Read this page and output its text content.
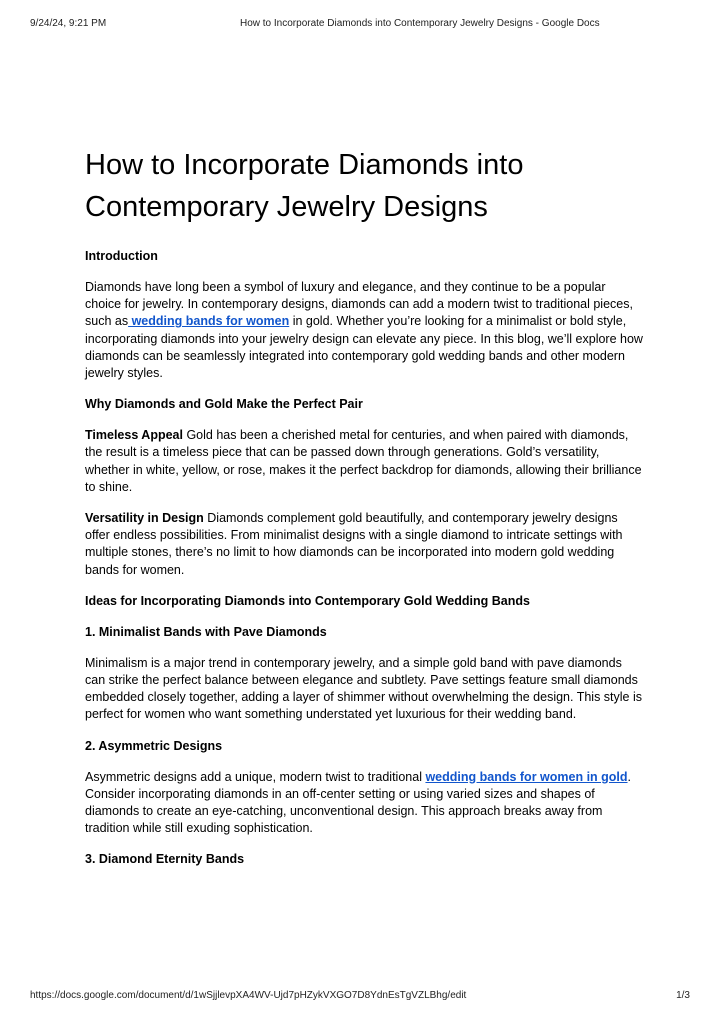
9/24/24, 9:21 PM	How to Incorporate Diamonds into Contemporary Jewelry Designs - Google Docs
How to Incorporate Diamonds into Contemporary Jewelry Designs
Introduction

Diamonds have long been a symbol of luxury and elegance, and they continue to be a popular choice for jewelry. In contemporary designs, diamonds can add a modern twist to traditional pieces, such as wedding bands for women in gold. Whether you’re looking for a minimalist or bold style, incorporating diamonds into your jewelry design can elevate any piece. In this blog, we’ll explore how diamonds can be seamlessly integrated into contemporary gold wedding bands and other modern jewelry styles.

Why Diamonds and Gold Make the Perfect Pair

Timeless Appeal Gold has been a cherished metal for centuries, and when paired with diamonds, the result is a timeless piece that can be passed down through generations. Gold’s versatility, whether in white, yellow, or rose, makes it the perfect backdrop for diamonds, allowing their brilliance to shine.

Versatility in Design Diamonds complement gold beautifully, and contemporary jewelry designs offer endless possibilities. From minimalist designs with a single diamond to intricate settings with multiple stones, there’s no limit to how diamonds can be incorporated into modern gold wedding bands for women.

Ideas for Incorporating Diamonds into Contemporary Gold Wedding Bands
1. Minimalist Bands with Pave Diamonds

Minimalism is a major trend in contemporary jewelry, and a simple gold band with pave diamonds can strike the perfect balance between elegance and subtlety. Pave settings feature small diamonds embedded closely together, adding a layer of shimmer without overwhelming the design. This style is perfect for women who want something understated yet luxurious for their wedding band.

2. Asymmetric Designs

Asymmetric designs add a unique, modern twist to traditional wedding bands for women in gold. Consider incorporating diamonds in an off-center setting or using varied sizes and shapes of diamonds to create an eye-catching, unconventional design. This approach breaks away from tradition while still exuding sophistication.

3. Diamond Eternity Bands
https://docs.google.com/document/d/1wSjjlevpXA4WV-Ujd7pHZykVXGO7D8YdnEsTgVZLBhg/edit	1/3
